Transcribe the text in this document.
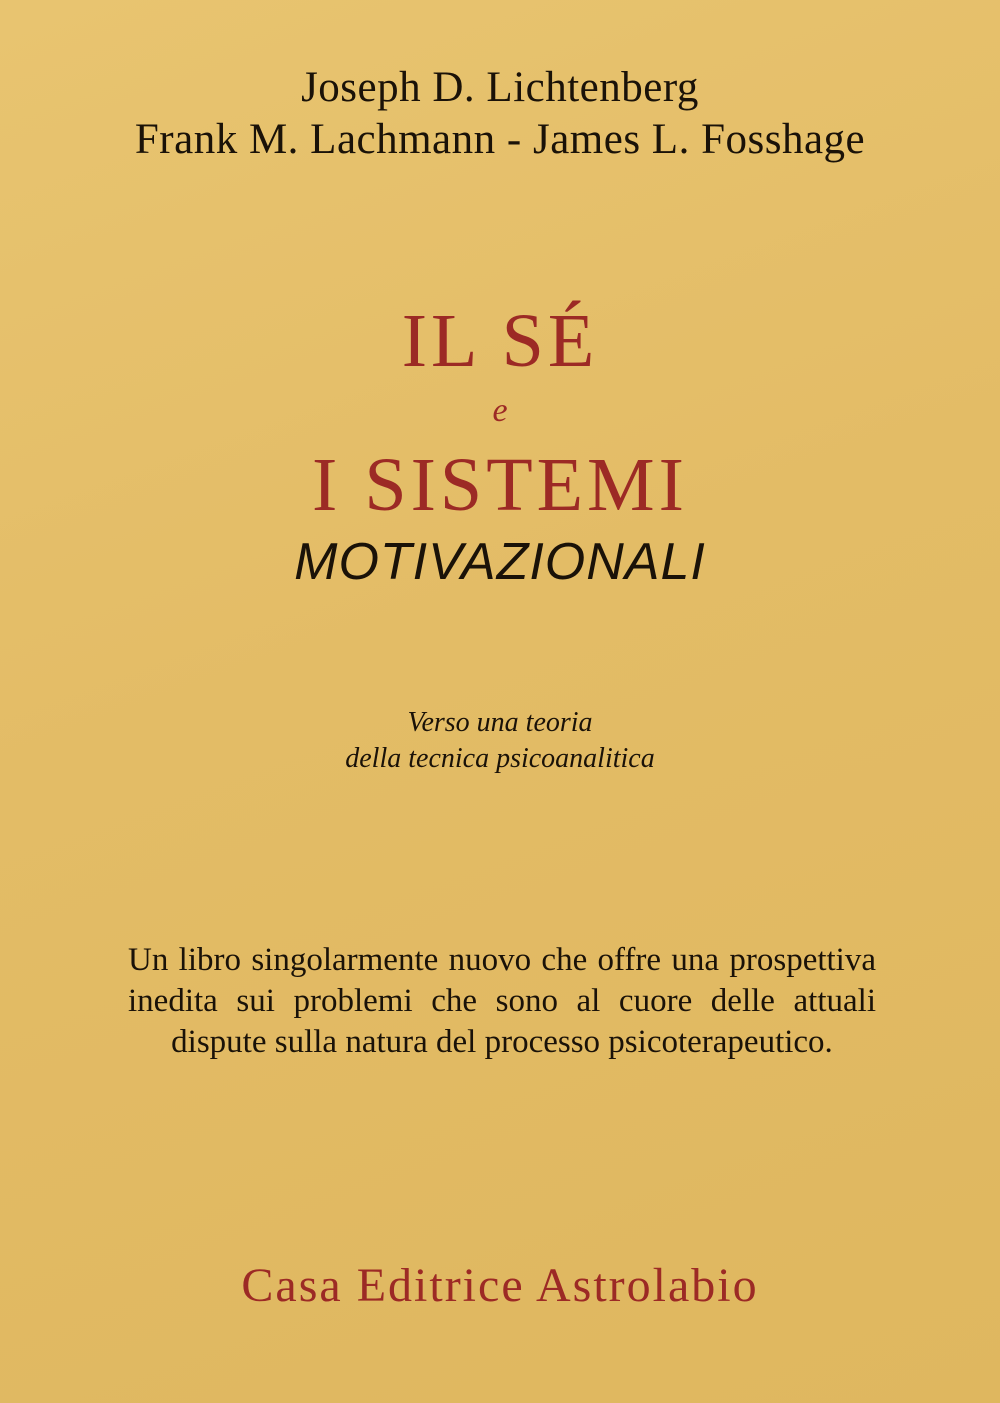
Joseph D. Lichtenberg
Frank M. Lachmann - James L. Fosshage
IL SÉ
e
I SISTEMI
MOTIVAZIONALI
Verso una teoria
della tecnica psicoanalitica
Un libro singolarmente nuovo che offre una prospettiva inedita sui problemi che sono al cuore delle attuali dispute sulla natura del processo psicoterapeutico.
Casa Editrice Astrolabio
